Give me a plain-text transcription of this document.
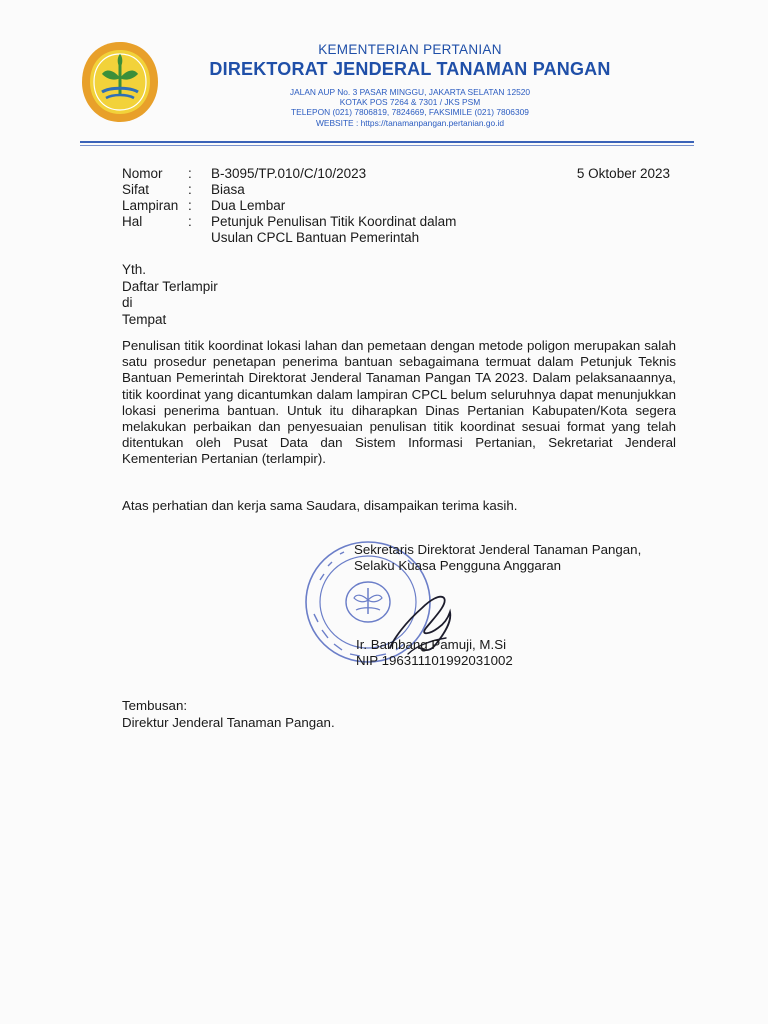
KEMENTERIAN PERTANIAN
DIREKTORAT JENDERAL TANAMAN PANGAN
JALAN AUP No. 3 PASAR MINGGU, JAKARTA SELATAN 12520
KOTAK POS 7264 & 7301 / JKS PSM
TELEPON (021) 7806819, 7824669, FAKSIMILE (021) 7806309
WEBSITE : https://tanamanpangan.pertanian.go.id
Nomor	:	B-3095/TP.010/C/10/2023
Sifat	:	Biasa
Lampiran :	Dua Lembar
Hal	:	Petunjuk Penulisan Titik Koordinat dalam
Usulan CPCL Bantuan Pemerintah
5 Oktober 2023
Yth.
Daftar Terlampir
di
Tempat
Penulisan titik koordinat lokasi lahan dan pemetaan dengan metode poligon merupakan salah satu prosedur penetapan penerima bantuan sebagaimana termuat dalam Petunjuk Teknis Bantuan Pemerintah Direktorat Jenderal Tanaman Pangan TA 2023. Dalam pelaksanaannya, titik koordinat yang dicantumkan dalam lampiran CPCL belum seluruhnya dapat menunjukkan lokasi penerima bantuan. Untuk itu diharapkan Dinas Pertanian Kabupaten/Kota segera melakukan perbaikan dan penyesuaian penulisan titik koordinat sesuai format yang telah ditentukan oleh Pusat Data dan Sistem Informasi Pertanian, Sekretariat Jenderal Kementerian Pertanian (terlampir).
Atas perhatian dan kerja sama Saudara, disampaikan terima kasih.
Sekretaris Direktorat Jenderal Tanaman Pangan,
Selaku Kuasa Pengguna Anggaran
Ir. Bambang Pamuji, M.Si
NIP 196311101992031002
Tembusan:
Direktur Jenderal Tanaman Pangan.
